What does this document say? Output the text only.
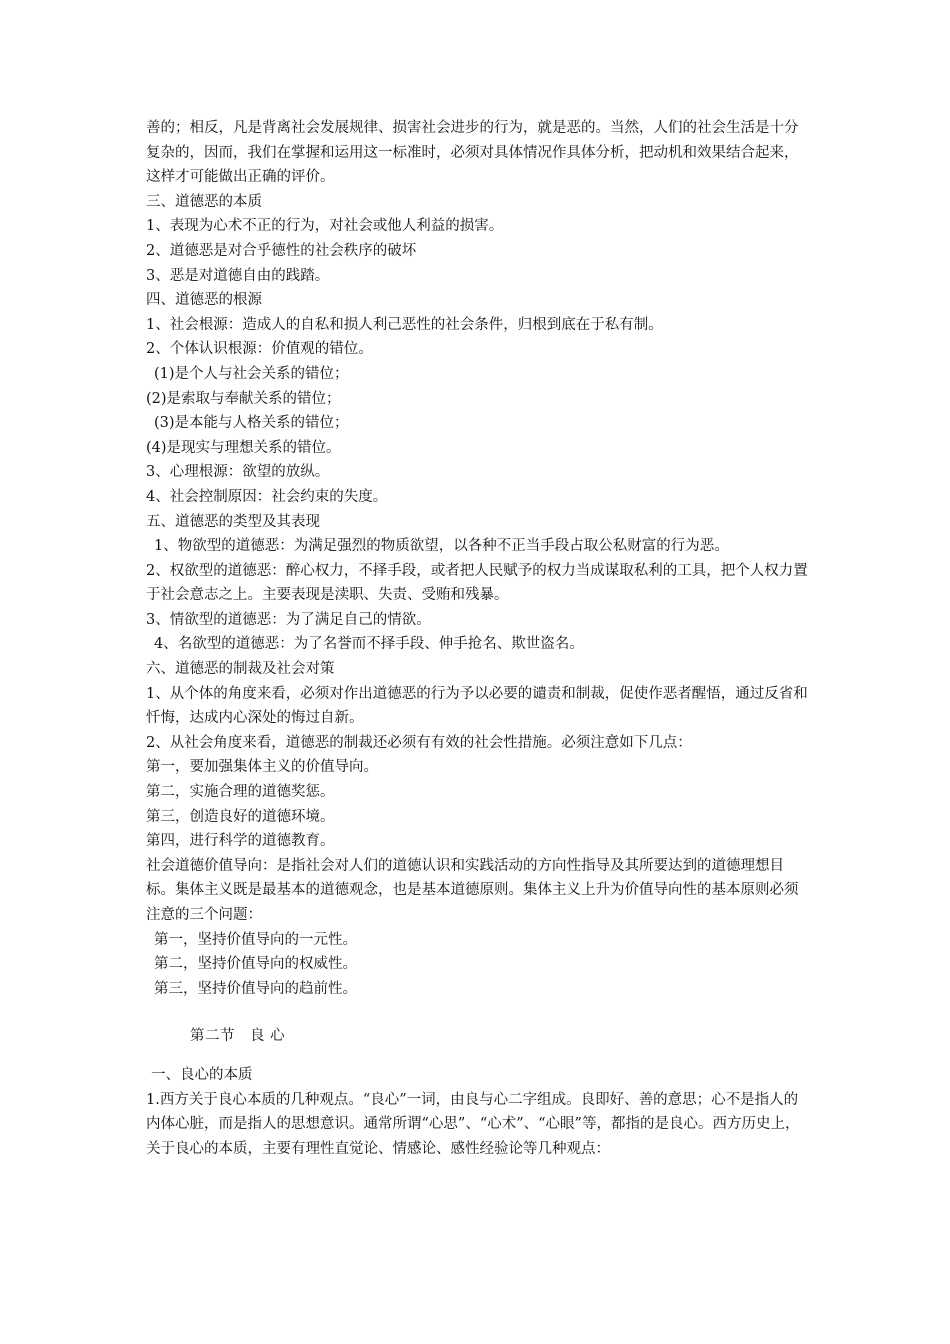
善的；相反，凡是背离社会发展规律、损害社会进步的行为，就是恶的。当然，人们的社会生活是十分复杂的，因而，我们在掌握和运用这一标准时，必须对具体情况作具体分析，把动机和效果结合起来，这样才可能做出正确的评价。

三、道德恶的本质

1、表现为心术不正的行为，对社会或他人利益的损害。

2、道德恶是对合乎德性的社会秩序的破坏

3、恶是对道德自由的践踏。

四、道德恶的根源

1、社会根源：造成人的自私和损人利己恶性的社会条件，归根到底在于私有制。

2、个体认识根源：价值观的错位。

(1)是个人与社会关系的错位；

(2)是索取与奉献关系的错位；

(3)是本能与人格关系的错位；

(4)是现实与理想关系的错位。

3、心理根源：欲望的放纵。

4、社会控制原因：社会约束的失度。

五、道德恶的类型及其表现

1、物欲型的道德恶：为满足强烈的物质欲望，以各种不正当手段占取公私财富的行为恶。

2、权欲型的道德恶：醉心权力，不择手段，或者把人民赋予的权力当成谋取私利的工具，把个人权力置于社会意志之上。主要表现是渎职、失责、受贿和残暴。

3、情欲型的道德恶：为了满足自己的情欲。

4、名欲型的道德恶：为了名誉而不择手段、伸手抢名、欺世盗名。

六、道德恶的制裁及社会对策

1、从个体的角度来看，必须对作出道德恶的行为予以必要的谴责和制裁，促使作恶者醒悟，通过反省和忏悔，达成内心深处的悔过自新。

2、从社会角度来看，道德恶的制裁还必须有有效的社会性措施。必须注意如下几点：

第一，要加强集体主义的价值导向。

第二，实施合理的道德奖惩。

第三，创造良好的道德环境。

第四，进行科学的道德教育。

社会道德价值导向：是指社会对人们的道德认识和实践活动的方向性指导及其所要达到的道德理想目标。集体主义既是最基本的道德观念，也是基本道德原则。集体主义上升为价值导向性的基本原则必须注意的三个问题：

第一，坚持价值导向的一元性。

第二，坚持价值导向的权威性。

第三，坚持价值导向的趋前性。

第二节　良 心

一、良心的本质

1.西方关于良心本质的几种观点。“良心”一词，由良与心二字组成。良即好、善的意思；心不是指人的内体心脏，而是指人的思想意识。通常所谓“心思”、“心术”、“心眼”等，都指的是良心。西方历史上，关于良心的本质，主要有理性直觉论、情感论、感性经验论等几种观点：
